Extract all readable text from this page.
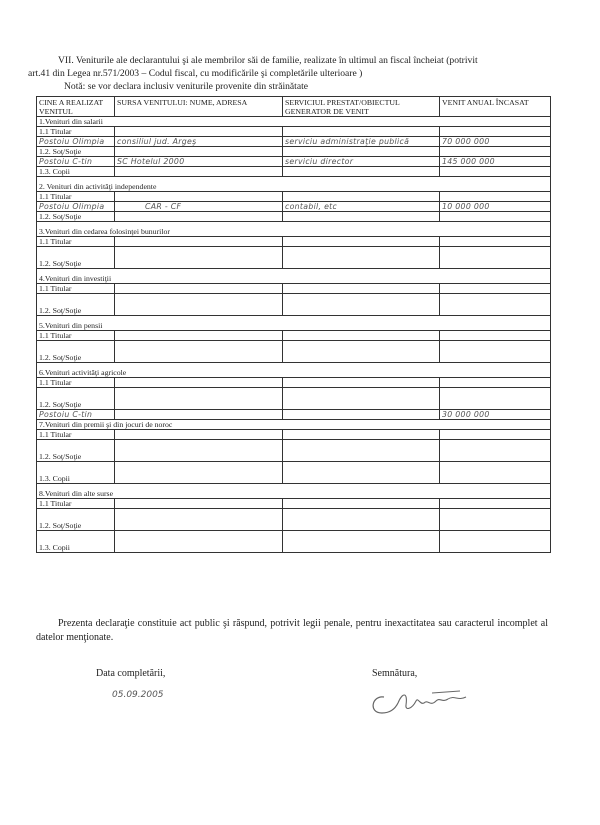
VII. Veniturile ale declarantului şi ale membrilor săi de familie, realizate în ultimul an fiscal încheiat (potrivit

art.41 din Legea nr.571/2003 – Codul fiscal, cu modificările şi completările ulterioare )

Notă: se vor declara inclusiv veniturile provenite din străinătate

CINE A REALIZAT VENITUL	SURSA VENITULUI: NUME, ADRESA	SERVICIUL PRESTAT/OBIECTUL GENERATOR DE VENIT	VENIT ANUAL ÎNCASAT
1.Venituri din salarii			
1.1 Titular			
Postoiu Olimpia	consiliul jud. Argeş	serviciu administraţie publică	70 000 000
1.2. Soţ/Soţie			
Postoiu C-tin	SC Hotelul 2000	serviciu director	145 000 000
1.3. Copii			
2. Venituri din activităţi independente			
1.1 Titular			
Postoiu Olimpia	CAR - CF	contabil, etc	10 000 000
1.2. Soţ/Soţie			
3.Venituri din cedarea folosinţei bunurilor			
1.1 Titular			
1.2. Soţ/Soţie			
4.Venituri din investiţii			
1.1 Titular			
1.2. Soţ/Soţie			
5.Venituri din pensii			
1.1 Titular			
1.2. Soţ/Soţie			
6.Venituri activităţi agricole			
1.1 Titular			
1.2. Soţ/Soţie			
Postoiu C-tin			30 000 000
7.Venituri din premii şi din jocuri de noroc			
1.1 Titular			
1.2. Soţ/Soţie			
1.3. Copii			
8.Venituri din alte surse			
1.1 Titular			
1.2. Soţ/Soţie			
1.3. Copii			

Prezenta declaraţie constituie act public şi răspund, potrivit legii penale, pentru inexactitatea sau caracterul incomplet al datelor menţionate.

Data completării,
05.09.2005
Semnătura,
